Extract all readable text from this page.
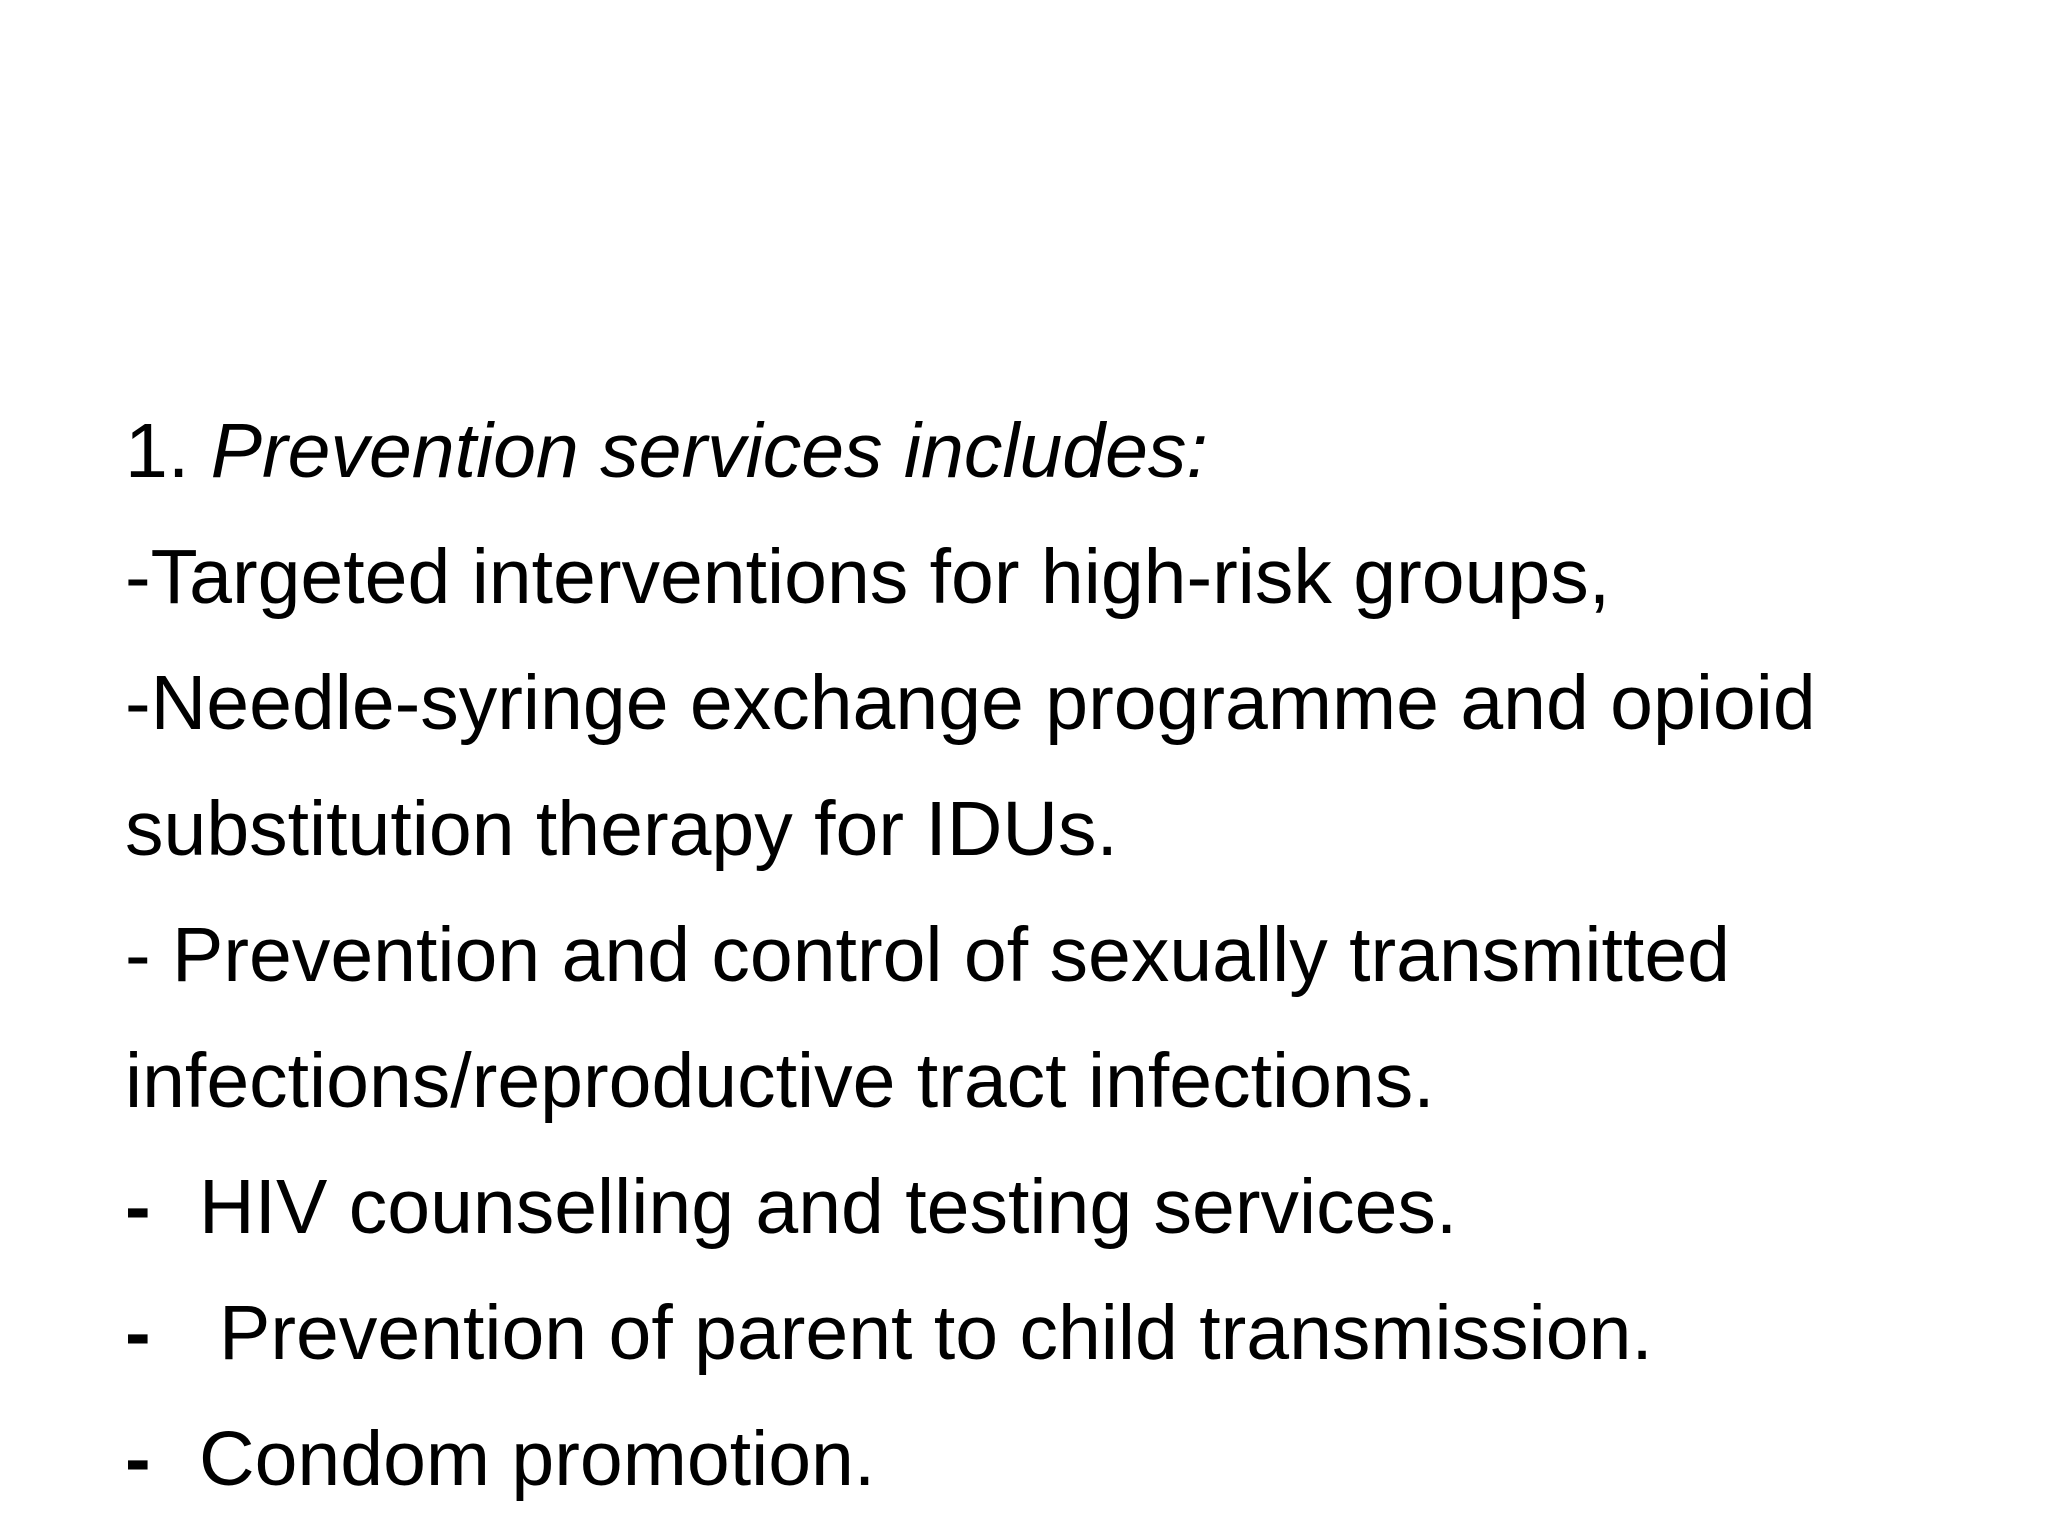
1. Prevention services includes:
-Targeted interventions for high-risk groups,
-Needle-syringe exchange programme and opioid
substitution therapy for IDUs.
- Prevention and control of sexually transmitted
infections/reproductive tract infections.
- HIV counselling and testing services.
- Prevention of parent to child transmission.
- Condom promotion.
